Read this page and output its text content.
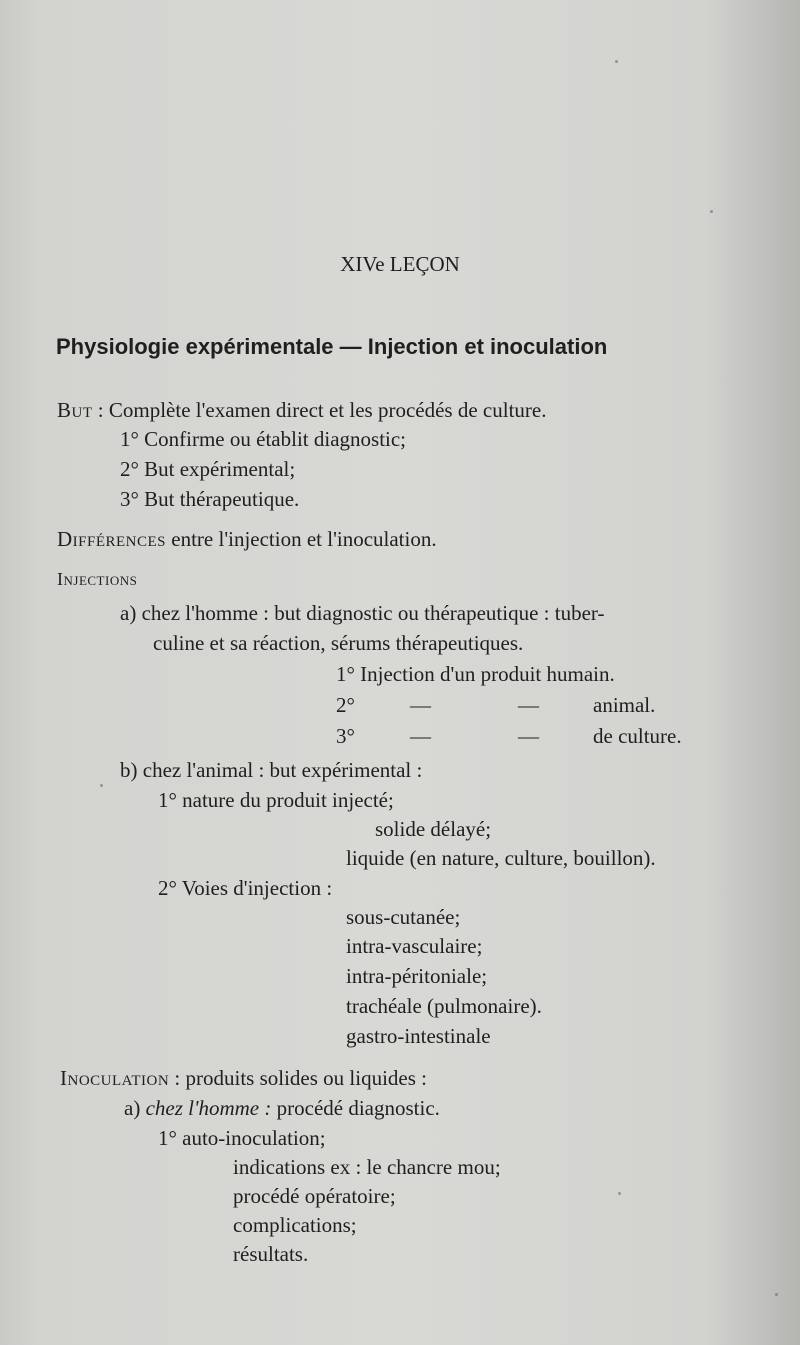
XIVe LEÇON
Physiologie expérimentale — Injection et inoculation
But : Complète l'examen direct et les procédés de culture.
1° Confirme ou établit diagnostic;
2° But expérimental;
3° But thérapeutique.
Différences entre l'injection et l'inoculation.
Injections
a) chez l'homme : but diagnostic ou thérapeutique : tuber-
culine et sa réaction, sérums thérapeutiques.
1° Injection d'un produit humain.
2°	—	—	animal.
3°	—	—	de culture.
b) chez l'animal : but expérimental :
1° nature du produit injecté;
solide délayé;
liquide (en nature, culture, bouillon).
2° Voies d'injection :
sous-cutanée;
intra-vasculaire;
intra-péritoniale;
trachéale (pulmonaire).
gastro-intestinale
Inoculation : produits solides ou liquides :
a) chez l'homme : procédé diagnostic.
1° auto-inoculation;
indications ex : le chancre mou;
procédé opératoire;
complications;
résultats.
